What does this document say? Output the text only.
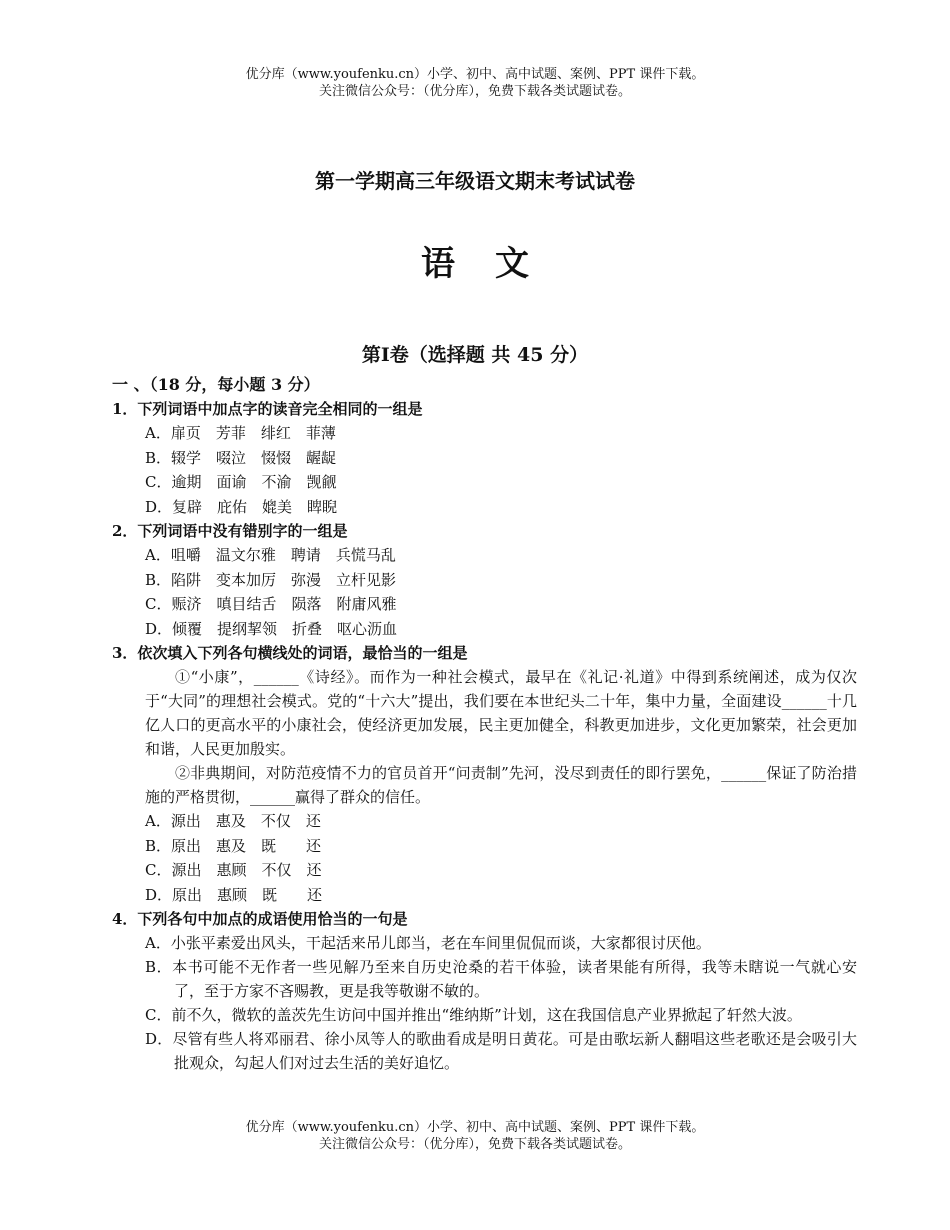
优分库（www.youfenku.cn）小学、初中、高中试题、案例、PPT 课件下载。
关注微信公众号：（优分库），免费下载各类试题试卷。
第一学期高三年级语文期末考试试卷
语文
第Ⅰ卷（选择题 共 45 分）
一 、（18 分，每小题 3 分）
1．下列词语中加点字的读音完全相同的一组是
A．扉页　芳菲　绯红　菲薄
B．辍学　啜泣　惙惙　龌龊
C．逾期　面谕　不渝　觊觎
D．复辟　庇佑　媲美　睥睨
2．下列词语中没有错别字的一组是
A．咀嚼　温文尔雅　聘请　兵慌马乱
B．陷阱　变本加厉　弥漫　立杆见影
C．赈济　嗔目结舌　陨落　附庸风雅
D．倾覆　提纲挈领　折叠　呕心沥血
3．依次填入下列各句横线处的词语，最恰当的一组是
①“小康”，______《诗经》。而作为一种社会模式，最早在《礼记·礼道》中得到系统阐述，成为仅次于“大同”的理想社会模式。党的“十六大”提出，我们要在本世纪头二十年，集中力量，全面建设______十几亿人口的更高水平的小康社会，使经济更加发展，民主更加健全，科教更加进步，文化更加繁荣，社会更加和谐，人民更加殷实。
②非典期间，对防范疫情不力的官员首开“问责制”先河，没尽到责任的即行罢免，______保证了防治措施的严格贯彻，______赢得了群众的信任。
A．源出　惠及　不仅　还
B．原出　惠及　既　　还
C．源出　惠顾　不仅　还
D．原出　惠顾　既　　还
4．下列各句中加点的成语使用恰当的一句是
A．小张平素爱出风头，干起活来吊儿郎当，老在车间里侃侃而谈，大家都很讨厌他。
B．本书可能不无作者一些见解乃至来自历史沧桑的若干体验，读者果能有所得，我等未瞎说一气就心安了，至于方家不吝赐教，更是我等敬谢不敏的。
C．前不久，微软的盖茨先生访问中国并推出“维纳斯”计划，这在我国信息产业界掀起了轩然大波。
D．尽管有些人将邓丽君、徐小凤等人的歌曲看成是明日黄花。可是由歌坛新人翻唱这些老歌还是会吸引大批观众，勾起人们对过去生活的美好追忆。
优分库（www.youfenku.cn）小学、初中、高中试题、案例、PPT 课件下载。
关注微信公众号：（优分库），免费下载各类试题试卷。
